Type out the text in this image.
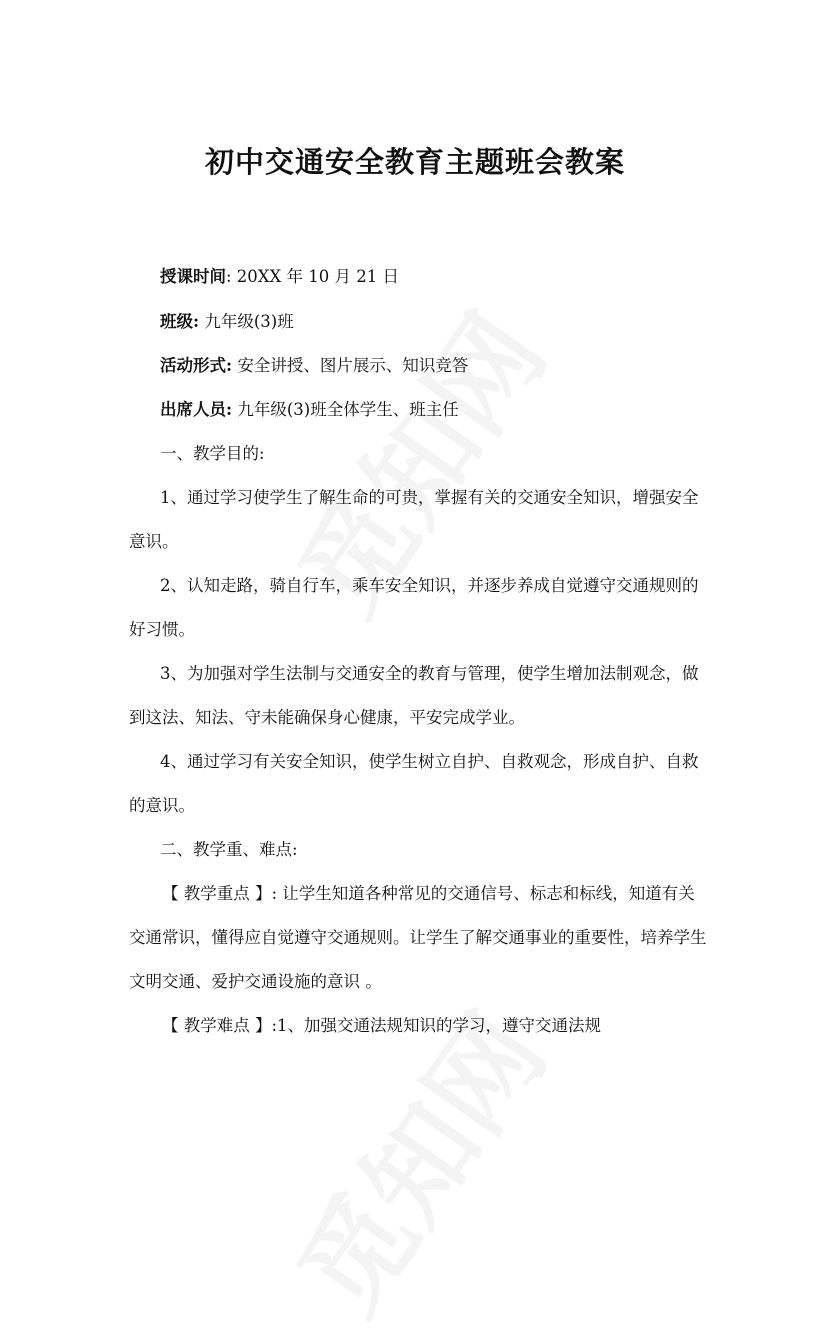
初中交通安全教育主题班会教案
授课时间: 20XX 年 10 月 21 日
班级: 九年级(3)班
活动形式: 安全讲授、图片展示、知识竞答
出席人员: 九年级(3)班全体学生、班主任
一、教学目的:
1、通过学习使学生了解生命的可贵，掌握有关的交通安全知识，增强安全
意识。
2、认知走路，骑自行车，乘车安全知识，并逐步养成自觉遵守交通规则的
好习惯。
3、为加强对学生法制与交通安全的教育与管理，使学生增加法制观念，做
到这法、知法、守未能确保身心健康，平安完成学业。
4、通过学习有关安全知识，使学生树立自护、自救观念，形成自护、自救
的意识。
二、教学重、难点:
【 教学重点 】: 让学生知道各种常见的交通信号、标志和标线，知道有关
交通常识，懂得应自觉遵守交通规则。让学生了解交通事业的重要性，培养学生
文明交通、爱护交通设施的意识 。
【 教学难点 】:1、加强交通法规知识的学习，遵守交通法规
